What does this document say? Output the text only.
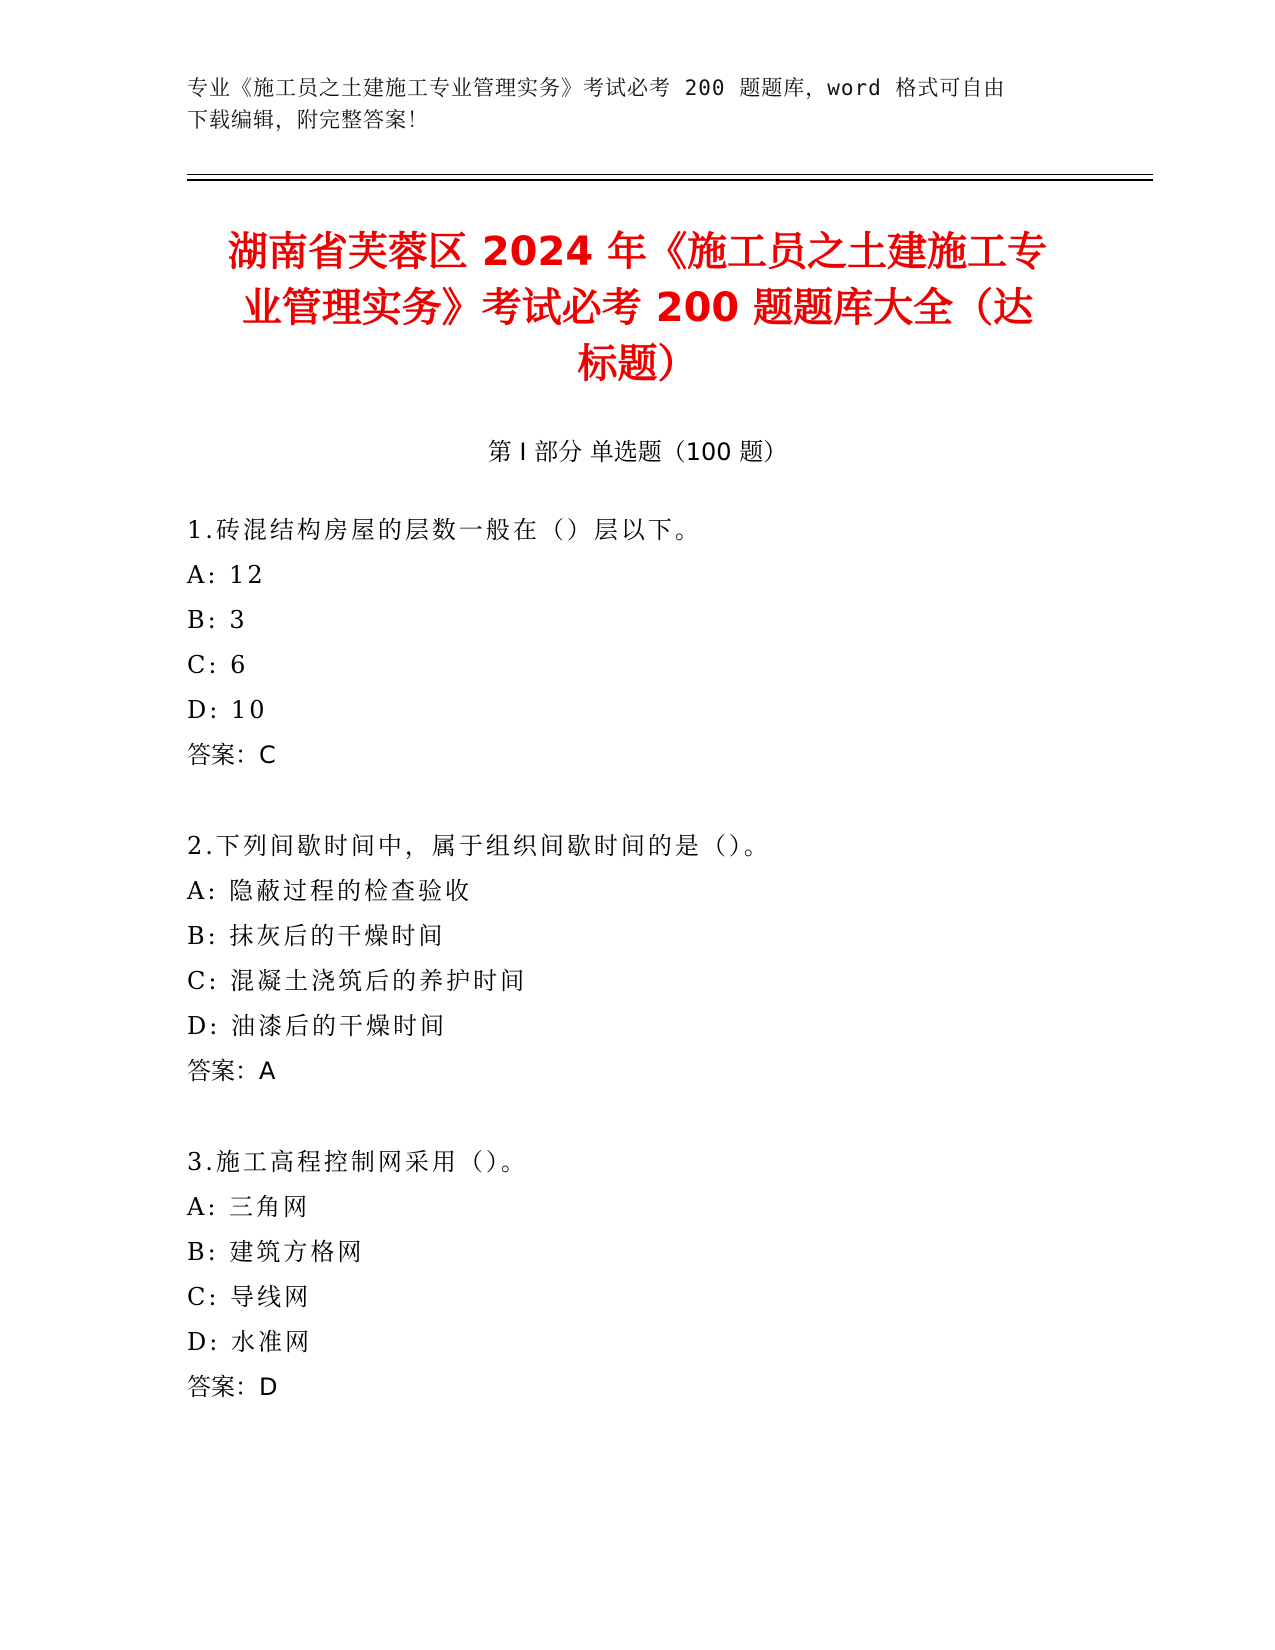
专业《施工员之土建施工专业管理实务》考试必考 200 题题库，word 格式可自由
下载编辑，附完整答案！
湖南省芙蓉区 2024 年《施工员之土建施工专
业管理实务》考试必考 200 题题库大全（达
标题）
第 I 部分 单选题（100 题）
1.砖混结构房屋的层数一般在（）层以下。
A: 12
B: 3
C: 6
D: 10
答案：C
2.下列间歇时间中，属于组织间歇时间的是（）。
A: 隐蔽过程的检查验收
B: 抹灰后的干燥时间
C: 混凝土浇筑后的养护时间
D: 油漆后的干燥时间
答案：A
3.施工高程控制网采用（）。
A: 三角网
B: 建筑方格网
C: 导线网
D: 水准网
答案：D
